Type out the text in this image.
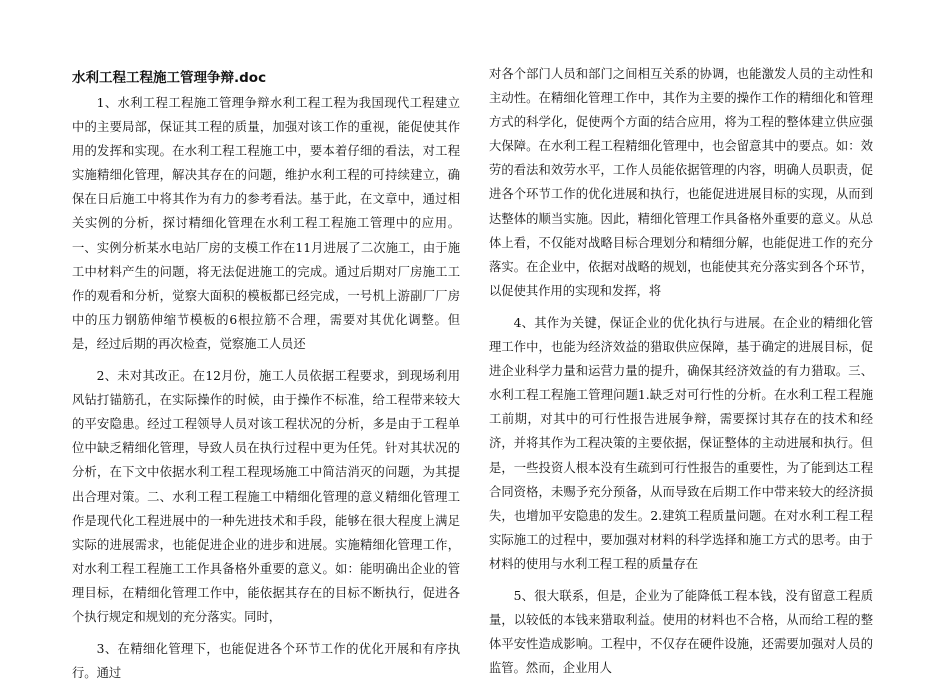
水利工程工程施工管理争辩.doc

1、水利工程工程施工管理争辩水利工程工程为我国现代工程建立中的主要局部，保证其工程的质量，加强对该工作的重视，能促使其作用的发挥和实现。在水利工程工程施工中，要本着仔细的看法，对工程实施精细化管理，解决其存在的问题，维护水利工程的可持续建立，确保在日后施工中将其作为有力的参考看法。基于此，在文章中，通过相关实例的分析，探讨精细化管理在水利工程工程施工管理中的应用。一、实例分析某水电站厂房的支模工作在11月进展了二次施工，由于施工中材料产生的问题，将无法促进施工的完成。通过后期对厂房施工工作的观看和分析，觉察大面积的模板都已经完成，一号机上游副厂厂房中的压力钢筋伸缩节模板的6根拉筋不合理，需要对其优化调整。但是，经过后期的再次检查，觉察施工人员还

2、未对其改正。在12月份，施工人员依据工程要求，到现场利用风钻打锚筋孔，在实际操作的时候，由于操作不标准，给工程带来较大的平安隐患。经过工程领导人员对该工程状况的分析，多是由于工程单位中缺乏精细化管理，导致人员在执行过程中更为任凭。针对其状况的分析，在下文中依据水利工程工程现场施工中简洁消灭的问题，为其提出合理对策。二、水利工程工程施工中精细化管理的意义精细化管理工作是现代化工程进展中的一种先进技术和手段，能够在很大程度上满足实际的进展需求，也能促进企业的进步和进展。实施精细化管理工作，对水利工程工程施工工作具备格外重要的意义。如：能明确出企业的管理目标，在精细化管理工作中，能依据其存在的目标不断执行，促进各个执行规定和规划的充分落实。同时，

3、在精细化管理下，也能促进各个环节工作的优化开展和有序执行。通过

对各个部门人员和部门之间相互关系的协调，也能激发人员的主动性和主动性。在精细化管理工作中，其作为主要的操作工作的精细化和管理方式的科学化，促使两个方面的结合应用，将为工程的整体建立供应强大保障。在水利工程工程精细化管理中，也会留意其中的要点。如：效劳的看法和效劳水平，工作人员能依据管理的内容，明确人员职责，促进各个环节工作的优化进展和执行，也能促进进展目标的实现，从而到达整体的顺当实施。因此，精细化管理工作具备格外重要的意义。从总体上看，不仅能对战略目标合理划分和精细分解，也能促进工作的充分落实。在企业中，依据对战略的规划，也能使其充分落实到各个环节，以促使其作用的实现和发挥，将

4、其作为关键，保证企业的优化执行与进展。在企业的精细化管理工作中，也能为经济效益的猎取供应保障，基于确定的进展目标，促进企业科学力量和运营力量的提升，确保其经济效益的有力猎取。三、水利工程工程施工管理问题1.缺乏对可行性的分析。在水利工程工程施工前期，对其中的可行性报告进展争辩，需要探讨其存在的技术和经济，并将其作为工程决策的主要依据，保证整体的主动进展和执行。但是，一些投资人根本没有生疏到可行性报告的重要性，为了能到达工程合同资格，未赐予充分预备，从而导致在后期工作中带来较大的经济损失，也增加平安隐患的发生。2.建筑工程质量问题。在对水利工程工程实际施工的过程中，要加强对材料的科学选择和施工方式的思考。由于材料的使用与水利工程工程的质量存在

5、很大联系，但是，企业为了能降低工程本钱，没有留意工程质量，以较低的本钱来猎取利益。使用的材料也不合格，从而给工程的整体平安性造成影响。工程中，不仅存在硬件设施，还需要加强对人员的监管。然而，企业用人
